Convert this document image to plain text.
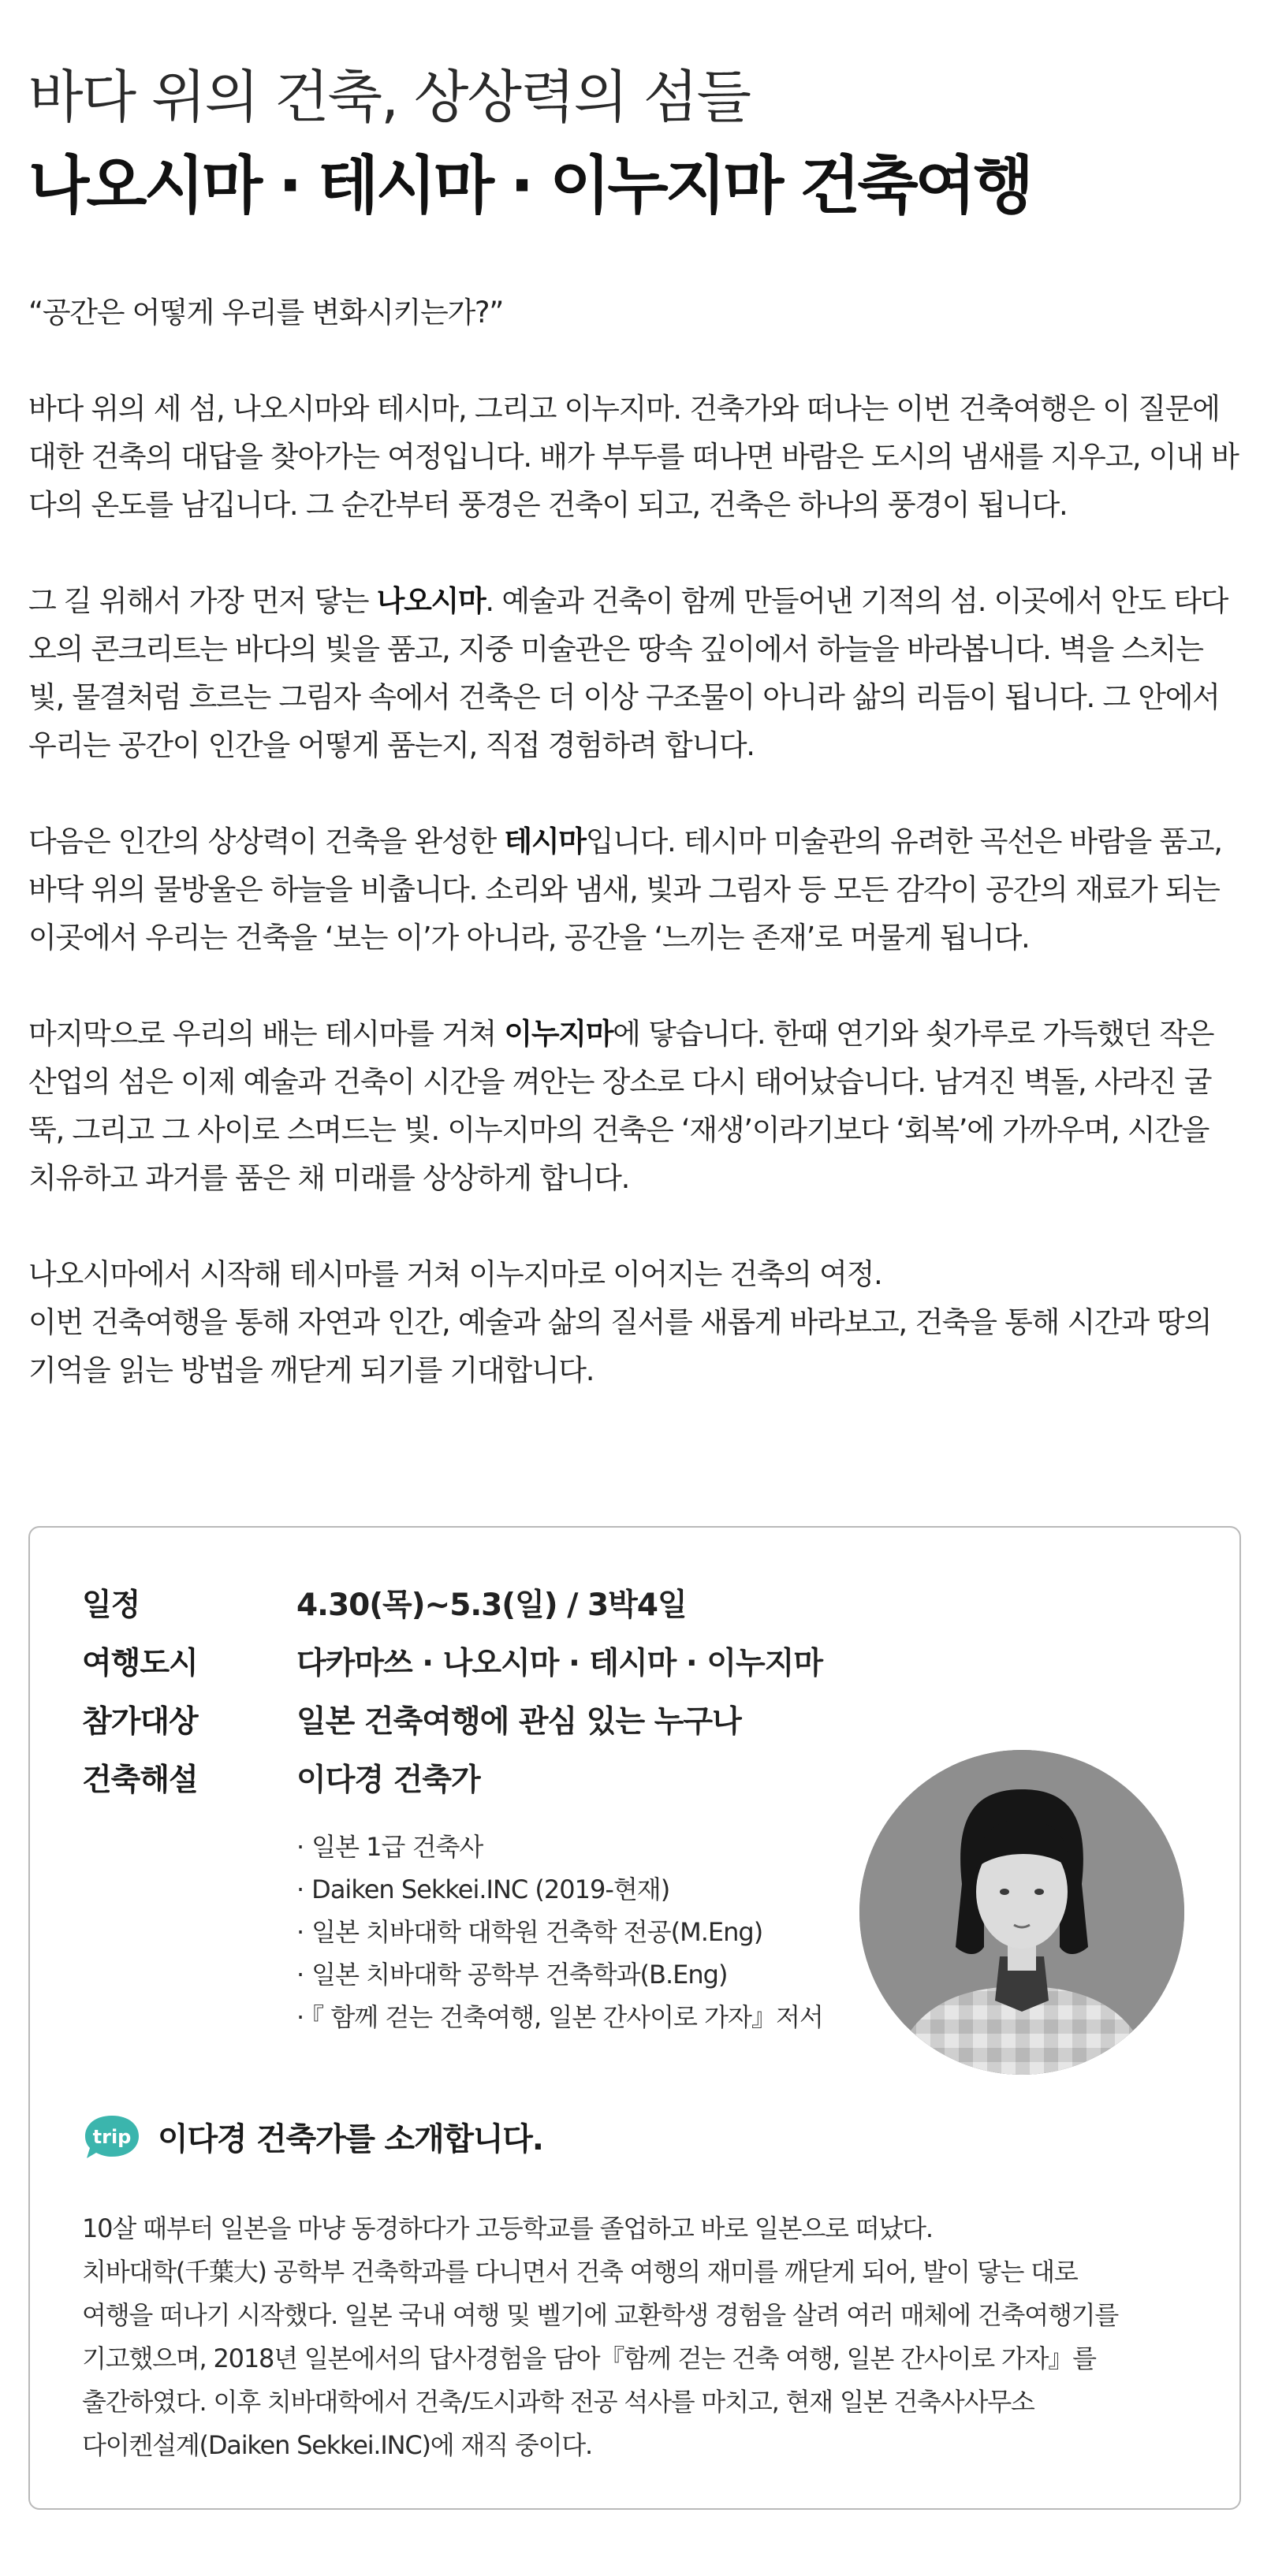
바다 위의 건축, 상상력의 섬들
나오시마 · 테시마 · 이누지마 건축여행

“공간은 어떻게 우리를 변화시키는가?”

바다 위의 세 섬, 나오시마와 테시마, 그리고 이누지마. 건축가와 떠나는 이번 건축여행은 이 질문에 대한 건축의 대답을 찾아가는 여정입니다. 배가 부두를 떠나면 바람은 도시의 냄새를 지우고, 이내 바다의 온도를 남깁니다. 그 순간부터 풍경은 건축이 되고, 건축은 하나의 풍경이 됩니다.

그 길 위해서 가장 먼저 닿는 나오시마. 예술과 건축이 함께 만들어낸 기적의 섬. 이곳에서 안도 타다오의 콘크리트는 바다의 빛을 품고, 지중 미술관은 땅속 깊이에서 하늘을 바라봅니다. 벽을 스치는 빛, 물결처럼 흐르는 그림자 속에서 건축은 더 이상 구조물이 아니라 삶의 리듬이 됩니다. 그 안에서 우리는 공간이 인간을 어떻게 품는지, 직접 경험하려 합니다.

다음은 인간의 상상력이 건축을 완성한 테시마입니다. 테시마 미술관의 유려한 곡선은 바람을 품고, 바닥 위의 물방울은 하늘을 비춥니다. 소리와 냄새, 빛과 그림자 등 모든 감각이 공간의 재료가 되는 이곳에서 우리는 건축을 ‘보는 이’가 아니라, 공간을 ‘느끼는 존재’로 머물게 됩니다.

마지막으로 우리의 배는 테시마를 거쳐 이누지마에 닿습니다. 한때 연기와 쇳가루로 가득했던 작은 산업의 섬은 이제 예술과 건축이 시간을 껴안는 장소로 다시 태어났습니다. 남겨진 벽돌, 사라진 굴뚝, 그리고 그 사이로 스며드는 빛. 이누지마의 건축은 ‘재생’이라기보다 ‘회복’에 가까우며, 시간을 치유하고 과거를 품은 채 미래를 상상하게 합니다.

나오시마에서 시작해 테시마를 거쳐 이누지마로 이어지는 건축의 여정.
이번 건축여행을 통해 자연과 인간, 예술과 삶의 질서를 새롭게 바라보고, 건축을 통해 시간과 땅의 기억을 읽는 방법을 깨닫게 되기를 기대합니다.

일정	4.30(목)~5.3(일) / 3박4일
여행도시	다카마쓰 · 나오시마 · 테시마 · 이누지마
참가대상	일본 건축여행에 관심 있는 누구나
건축해설	이다경 건축가
· 일본 1급 건축사
· Daiken Sekkei.INC (2019-현재)
· 일본 치바대학 대학원 건축학 전공(M.Eng)
· 일본 치바대학 공학부 건축학과(B.Eng)
· 『 함께 걷는 건축여행, 일본 간사이로 가자』저서
trip 이다경 건축가를 소개합니다.

10살 때부터 일본을 마냥 동경하다가 고등학교를 졸업하고 바로 일본으로 떠났다.

치바대학(千葉大) 공학부 건축학과를 다니면서 건축 여행의 재미를 깨닫게 되어, 발이 닿는 대로

여행을 떠나기 시작했다. 일본 국내 여행 및 벨기에 교환학생 경험을 살려 여러 매체에 건축여행기를

기고했으며, 2018년 일본에서의 답사경험을 담아『함께 걷는 건축 여행, 일본 간사이로 가자』를

출간하였다. 이후 치바대학에서 건축/도시과학 전공 석사를 마치고, 현재 일본 건축사사무소

다이켄설계(Daiken Sekkei.INC)에 재직 중이다.
